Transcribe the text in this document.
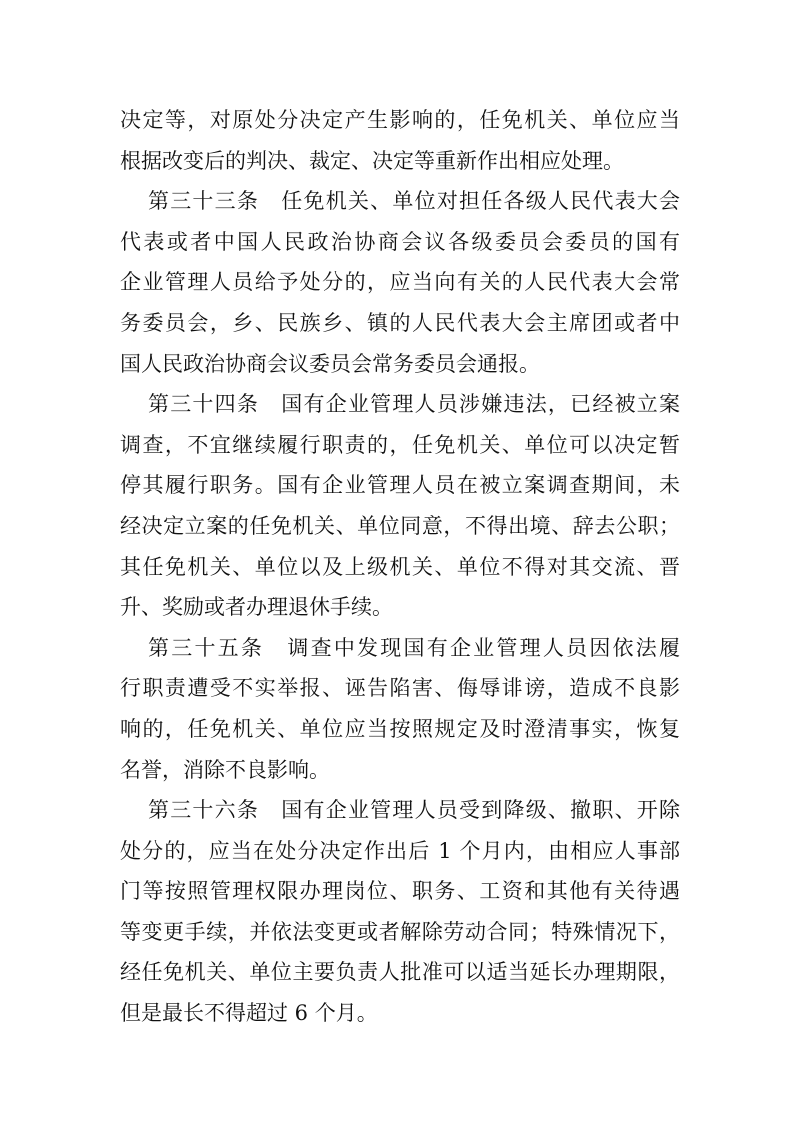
决定等，对原处分决定产生影响的，任免机关、单位应当
根据改变后的判决、裁定、决定等重新作出相应处理。
第三十三条　任免机关、单位对担任各级人民代表大会
代表或者中国人民政治协商会议各级委员会委员的国有
企业管理人员给予处分的，应当向有关的人民代表大会常
务委员会，乡、民族乡、镇的人民代表大会主席团或者中
国人民政治协商会议委员会常务委员会通报。
第三十四条　国有企业管理人员涉嫌违法，已经被立案
调查，不宜继续履行职责的，任免机关、单位可以决定暂
停其履行职务。国有企业管理人员在被立案调查期间，未
经决定立案的任免机关、单位同意，不得出境、辞去公职；
其任免机关、单位以及上级机关、单位不得对其交流、晋
升、奖励或者办理退休手续。
第三十五条　调查中发现国有企业管理人员因依法履
行职责遭受不实举报、诬告陷害、侮辱诽谤，造成不良影
响的，任免机关、单位应当按照规定及时澄清事实，恢复
名誉，消除不良影响。
第三十六条　国有企业管理人员受到降级、撤职、开除
处分的，应当在处分决定作出后 1 个月内，由相应人事部
门等按照管理权限办理岗位、职务、工资和其他有关待遇
等变更手续，并依法变更或者解除劳动合同；特殊情况下，
经任免机关、单位主要负责人批准可以适当延长办理期限，
但是最长不得超过 6 个月。
